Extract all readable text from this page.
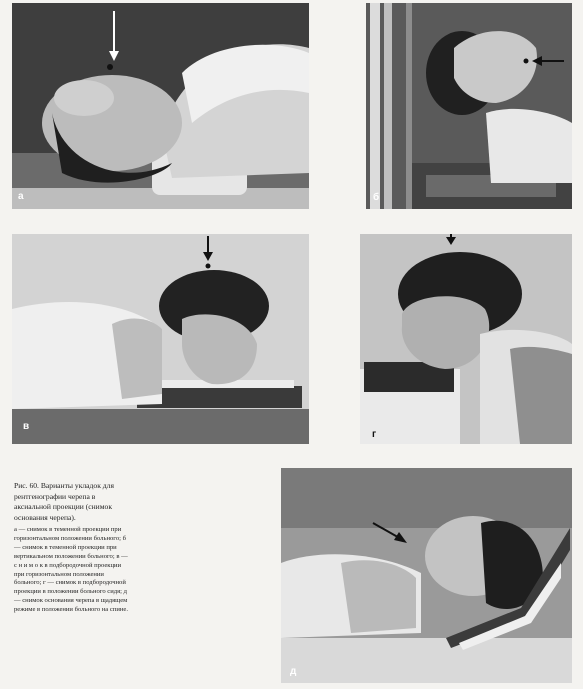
а	б
в
г
д
Рис. 60. Варианты укладок для рентгенографии черепа в аксиальной проекции (снимок основания черепа).
а — снимок в теменной проекции при горизонтальном положении больного; б — снимок в теменной проекции при вертикальном положении больного; в — с н и м о к в подбородочной проекции при горизонтальном положении больного; г — снимок в подбородочной проекции в положении больного сидя; д — снимок основания черепа в щадящем режиме в положении больного на спине.
